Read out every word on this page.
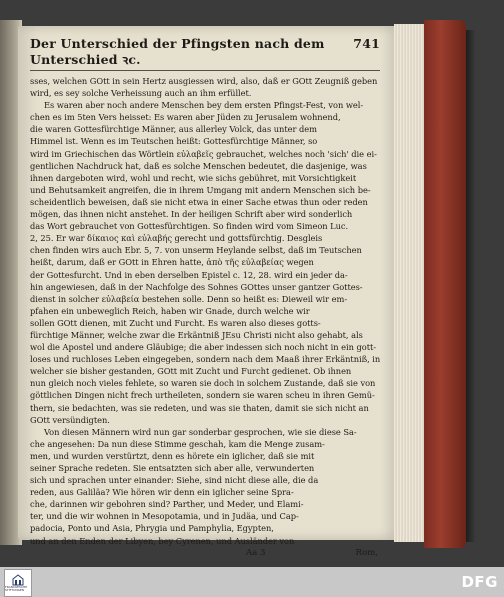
Der Unterschied der Pfingsten nach dem Unterschied ꝛc.
741
sses, welchen GOtt in sein Hertz ausgiessen wird, also, daß er GOtt Zeugniß geben
wird, es sey solche Verheissung auch an ihm erfüllet.
Es waren aber noch andere Menschen bey dem ersten Pfingst-Fest, von wel-
chen es im 5ten Vers heisset: Es waren aber Jüden zu Jerusalem wohnend,
die waren Gottesfürchtige Männer, aus allerley Volck, das unter dem
Himmel ist. Wenn es im Teutschen heißt: Gottesfürchtige Männer, so
wird im Griechischen das Wörtlein εὐλαβεῖς gebrauchet, welches noch 'sich' die ei-
gentlichen Nachdruck hat, daß es solche Menschen bedeutet, die dasjenige, was
ihnen dargeboten wird, wohl und recht, wie sichs gebühret, mit Vorsichtigkeit
und Behutsamkeit angreifen, die in ihrem Umgang mit andern Menschen sich be-
scheidentlich beweisen, daß sie nicht etwa in einer Sache etwas thun oder reden
mögen, das ihnen nicht anstehet. In der heiligen Schrift aber wird sonderlich
das Wort gebrauchet von Gottesfürchtigen. So finden wird vom Simeon Luc.
2, 25. Er war δίκαιος καὶ εὐλαβής gerecht und gottsfürchtig. Desgleis
chen finden wirs auch Ebr. 5, 7. von unserm Heylande selbst, daß im Teutschen
heißt, darum, daß er GOtt in Ehren hatte, ἀπὸ τῆς εὐλαβείας wegen
der Gottesfurcht. Und in eben derselben Epistel c. 12, 28. wird ein jeder da-
hin angewiesen, daß in der Nachfolge des Sohnes GOttes unser gantzer Gottes-
dienst in solcher εὐλαβεία bestehen solle. Denn so heißt es: Dieweil wir em-
pfahen ein unbeweglich Reich, haben wir Gnade, durch welche wir
sollen GOtt dienen, mit Zucht und Furcht. Es waren also dieses gotts-
fürchtige Männer, welche zwar die Erkäntniß JEsu Christi nicht also gehabt, als
wol die Apostel und andere Gläubige; die aber indessen sich noch nicht in ein gott-
loses und ruchloses Leben eingegeben, sondern nach dem Maaß ihrer Erkäntniß, in
welcher sie bisher gestanden, GOtt mit Zucht und Furcht gedienet. Ob ihnen
nun gleich noch vieles fehlete, so waren sie doch in solchem Zustande, daß sie von
göttlichen Dingen nicht frech urtheileten, sondern sie waren scheu in ihren Gemü-
thern, sie bedachten, was sie redeten, und was sie thaten, damit sie sich nicht an
GOtt versündigten.
Von diesen Männern wird nun gar sonderbar gesprochen, wie sie diese Sa-
che angesehen: Da nun diese Stimme geschah, kam die Menge zusam-
men, und wurden verstürtzt, denn es hörete ein iglicher, daß sie mit
seiner Sprache redeten. Sie entsatzten sich aber alle, verwunderten
sich und sprachen unter einander: Siehe, sind nicht diese alle, die da
reden, aus Galiläa? Wie hören wir denn ein iglicher seine Spra-
che, darinnen wir gebohren sind? Parther, und Meder, und Elami-
ter, und die wir wohnen in Mesopotamia, und in Judäa, und Cap-
padocia, Ponto und Asia, Phrygia und Pamphylia, Egypten,
und an den Enden der Libyen, bey Cyrenen, und Ausländer von
Aa 3	Rom,
FRANCKESCHE STIFTUNGEN	DFG
